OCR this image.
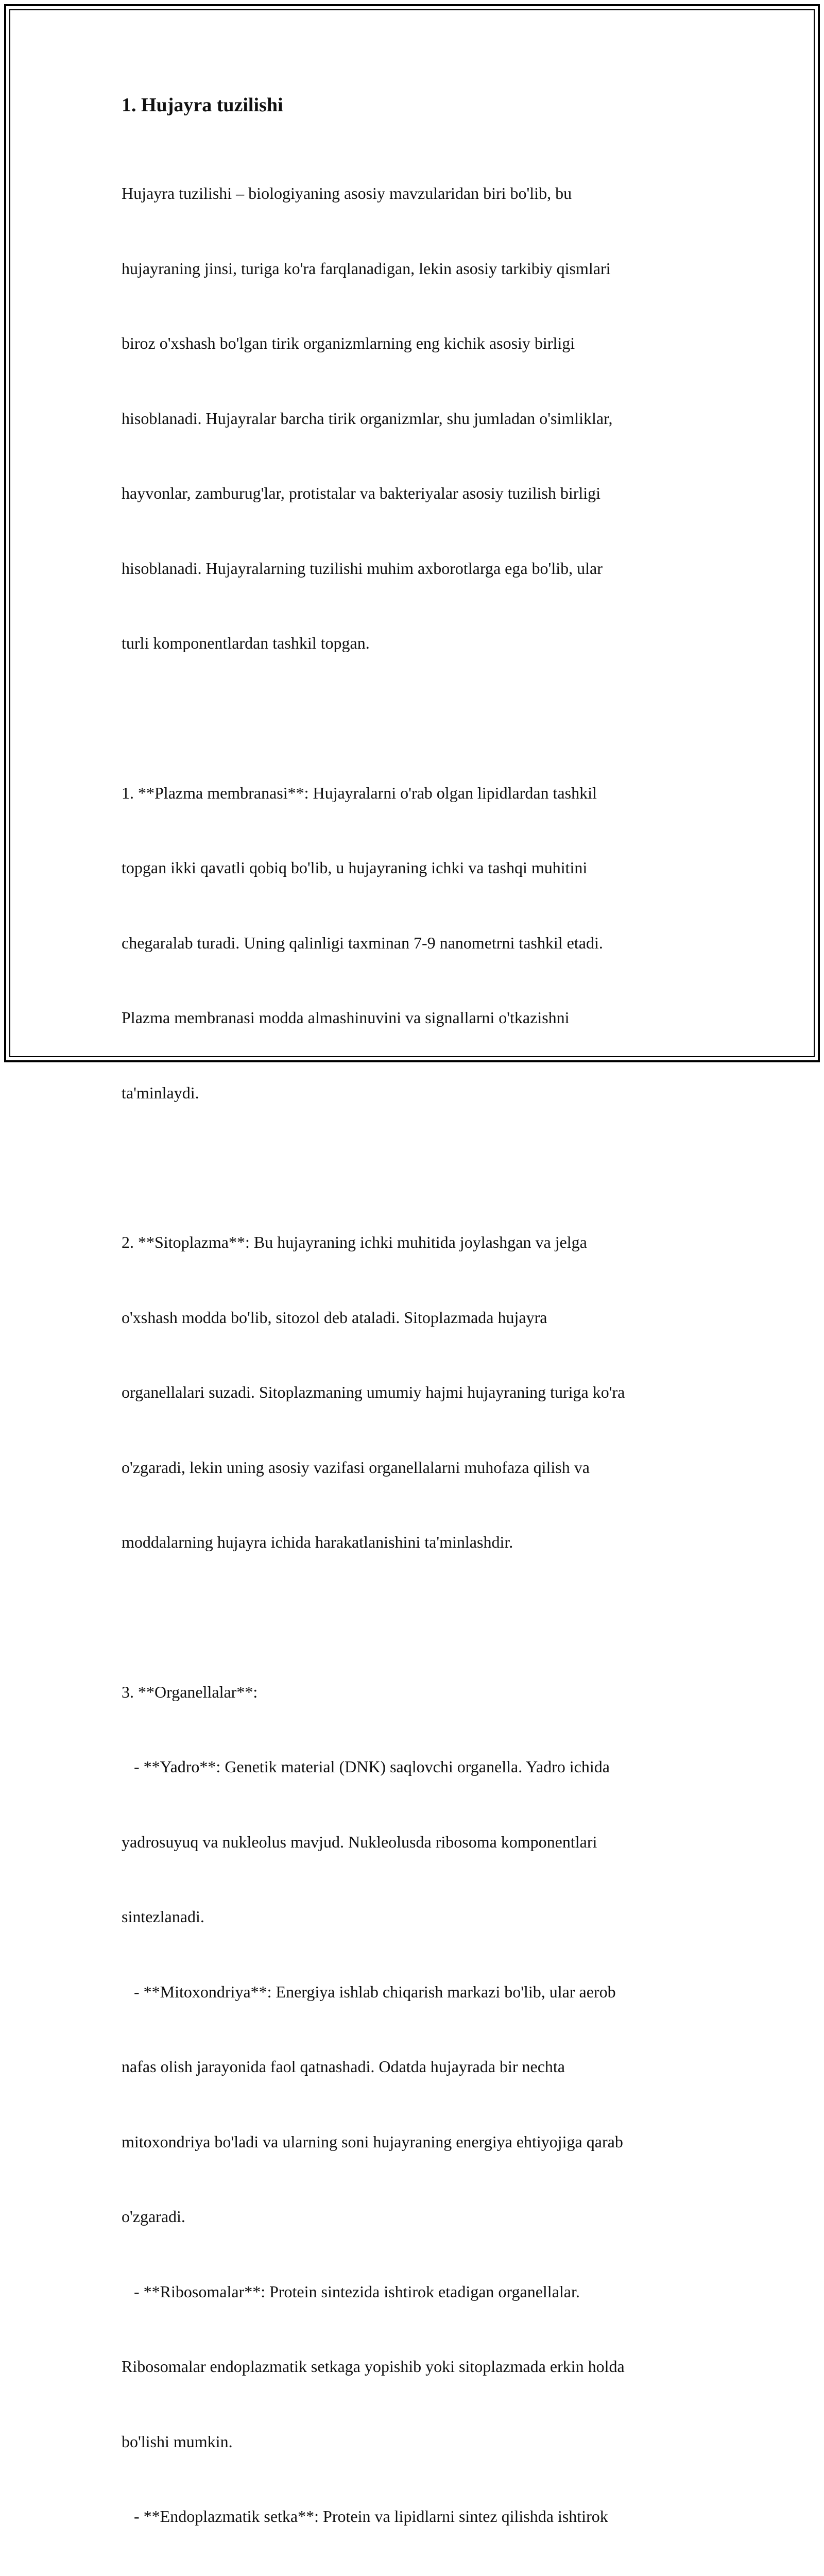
1. Hujayra tuzilishi

Hujayra tuzilishi – biologiyaning asosiy mavzularidan biri bo'lib, bu

hujayraning jinsi, turiga ko'ra farqlanadigan, lekin asosiy tarkibiy qismlari

biroz o'xshash bo'lgan tirik organizmlarning eng kichik asosiy birligi

hisoblanadi. Hujayralar barcha tirik organizmlar, shu jumladan o'simliklar,

hayvonlar, zamburug'lar, protistalar va bakteriyalar asosiy tuzilish birligi

hisoblanadi. Hujayralarning tuzilishi muhim axborotlarga ega bo'lib, ular

turli komponentlardan tashkil topgan.

1. **Plazma membranasi**: Hujayralarni o'rab olgan lipidlardan tashkil

topgan ikki qavatli qobiq bo'lib, u hujayraning ichki va tashqi muhitini

chegaralab turadi. Uning qalinligi taxminan 7-9 nanometrni tashkil etadi.

Plazma membranasi modda almashinuvini va signallarni o'tkazishni

ta'minlaydi.

2. **Sitoplazma**: Bu hujayraning ichki muhitida joylashgan va jelga

o'xshash modda bo'lib, sitozol deb ataladi. Sitoplazmada hujayra

organellalari suzadi. Sitoplazmaning umumiy hajmi hujayraning turiga ko'ra

o'zgaradi, lekin uning asosiy vazifasi organellalarni muhofaza qilish va

moddalarning hujayra ichida harakatlanishini ta'minlashdir.

3. **Organellalar**:

- **Yadro**: Genetik material (DNK) saqlovchi organella. Yadro ichida

yadrosuyuq va nukleolus mavjud. Nukleolusda ribosoma komponentlari

sintezlanadi.

- **Mitoxondriya**: Energiya ishlab chiqarish markazi bo'lib, ular aerob

nafas olish jarayonida faol qatnashadi. Odatda hujayrada bir nechta

mitoxondriya bo'ladi va ularning soni hujayraning energiya ehtiyojiga qarab

o'zgaradi.

- **Ribosomalar**: Protein sintezida ishtirok etadigan organellalar.

Ribosomalar endoplazmatik setkaga yopishib yoki sitoplazmada erkin holda

bo'lishi mumkin.

- **Endoplazmatik setka**: Protein va lipidlarni sintez qilishda ishtirok
